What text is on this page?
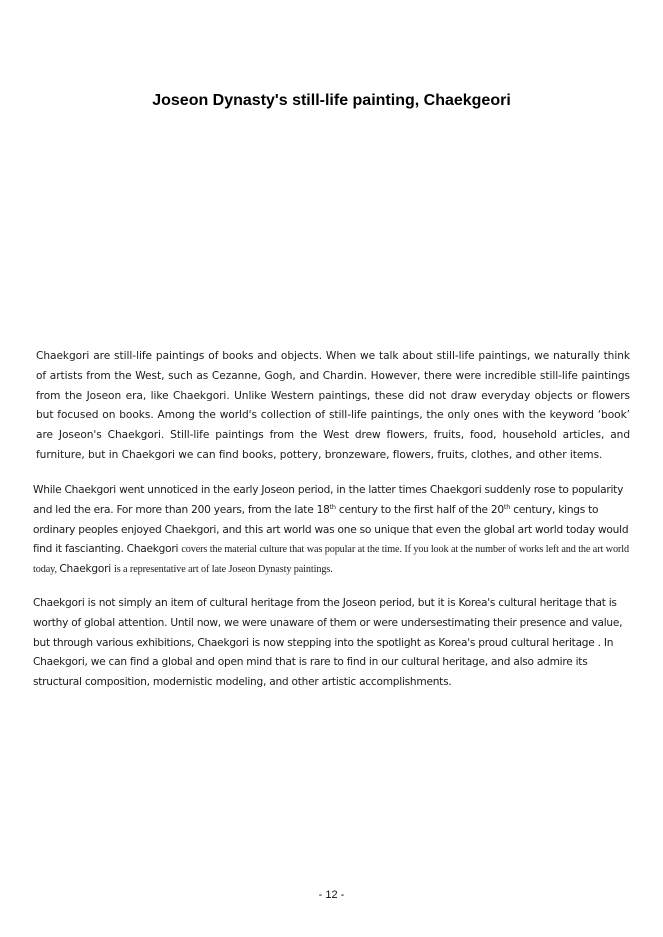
Joseon Dynasty's still-life painting, Chaekgeori

Chaekgori are still-life paintings of books and objects. When we talk about still-life paintings, we naturally think of artists from the West, such as Cezanne, Gogh, and Chardin. However, there were incredible still-life paintings from the Joseon era, like Chaekgori. Unlike Western paintings, these did not draw everyday objects or flowers but focused on books. Among the world's collection of still-life paintings, the only ones with the keyword ‘book’ are Joseon's Chaekgori. Still-life paintings from the West drew flowers, fruits, food, household articles, and furniture, but in Chaekgori we can find books, pottery, bronzeware, flowers, fruits, clothes, and other items.

While Chaekgori went unnoticed in the early Joseon period, in the latter times Chaekgori suddenly rose to popularity and led the era. For more than 200 years, from the late 18th century to the first half of the 20th century, kings to ordinary peoples enjoyed Chaekgori, and this art world was one so unique that even the global art world today would find it fascianting. Chaekgori covers the material culture that was popular at the time. If you look at the number of works left and the art world today, Chaekgori is a representative art of late Joseon Dynasty paintings.

Chaekgori is not simply an item of cultural heritage from the Joseon period, but it is Korea's cultural heritage that is worthy of global attention. Until now, we were unaware of them or were undersestimating their presence and value, but through various exhibitions, Chaekgori is now stepping into the spotlight as Korea's proud cultural heritage . In Chaekgori, we can find a global and open mind that is rare to find in our cultural heritage, and also admire its structural composition, modernistic modeling, and other artistic accomplishments.

- 12 -
